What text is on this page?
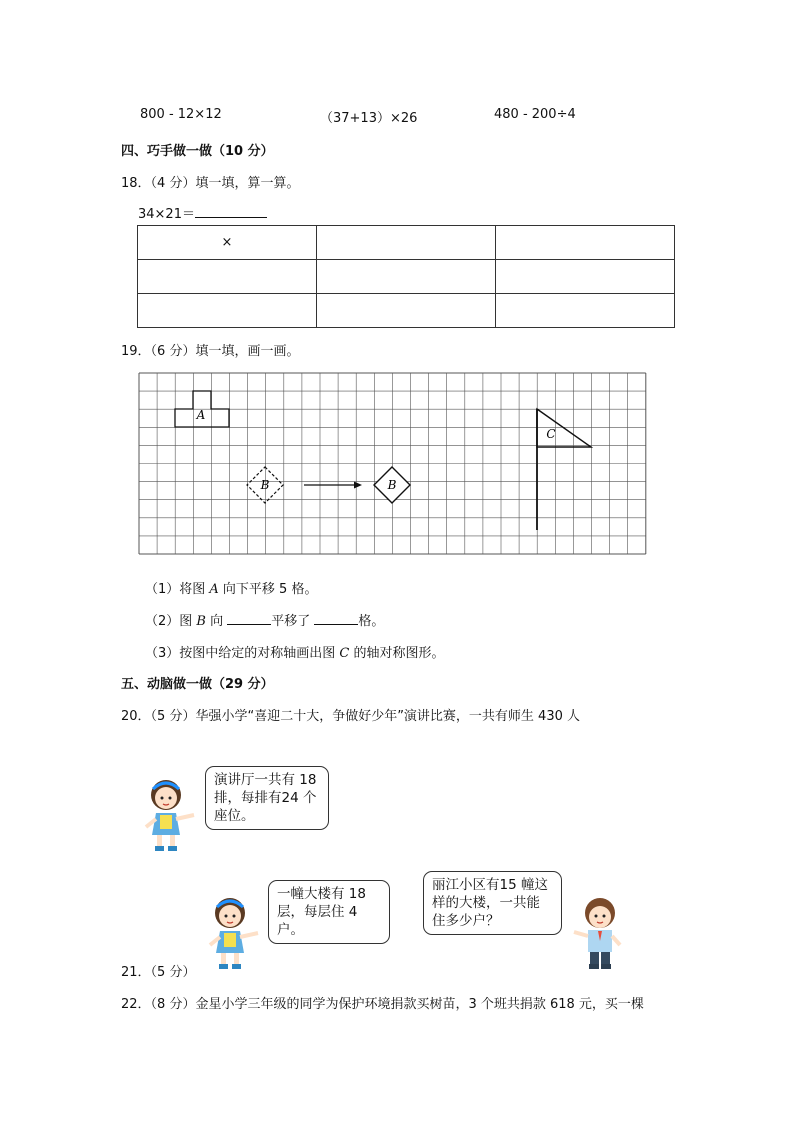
800 - 12×12	（37+13）×26	480 - 200÷4
四、巧手做一做（10 分）
18．（4 分）填一填，算一算。
34×21＝
×		

19．（6 分）填一填，画一画。
A
B	B
C
（1）将图 A 向下平移 5 格。
（2）图 B 向	平移了	格。
（3）按图中给定的对称轴画出图 C 的轴对称图形。
五、动脑做一做（29 分）
20．（5 分）华强小学“喜迎二十大，争做好少年”演讲比赛，一共有师生 430 人
演讲厅一共有 18 排，每排有24 个座位。
一幢大楼有 18 层，每层住 4户。
丽江小区有15 幢这样的大楼，一共能住多少户？
21．（5 分）
22．（8 分）金星小学三年级的同学为保护环境捐款买树苗，3 个班共捐款 618 元，买一棵
